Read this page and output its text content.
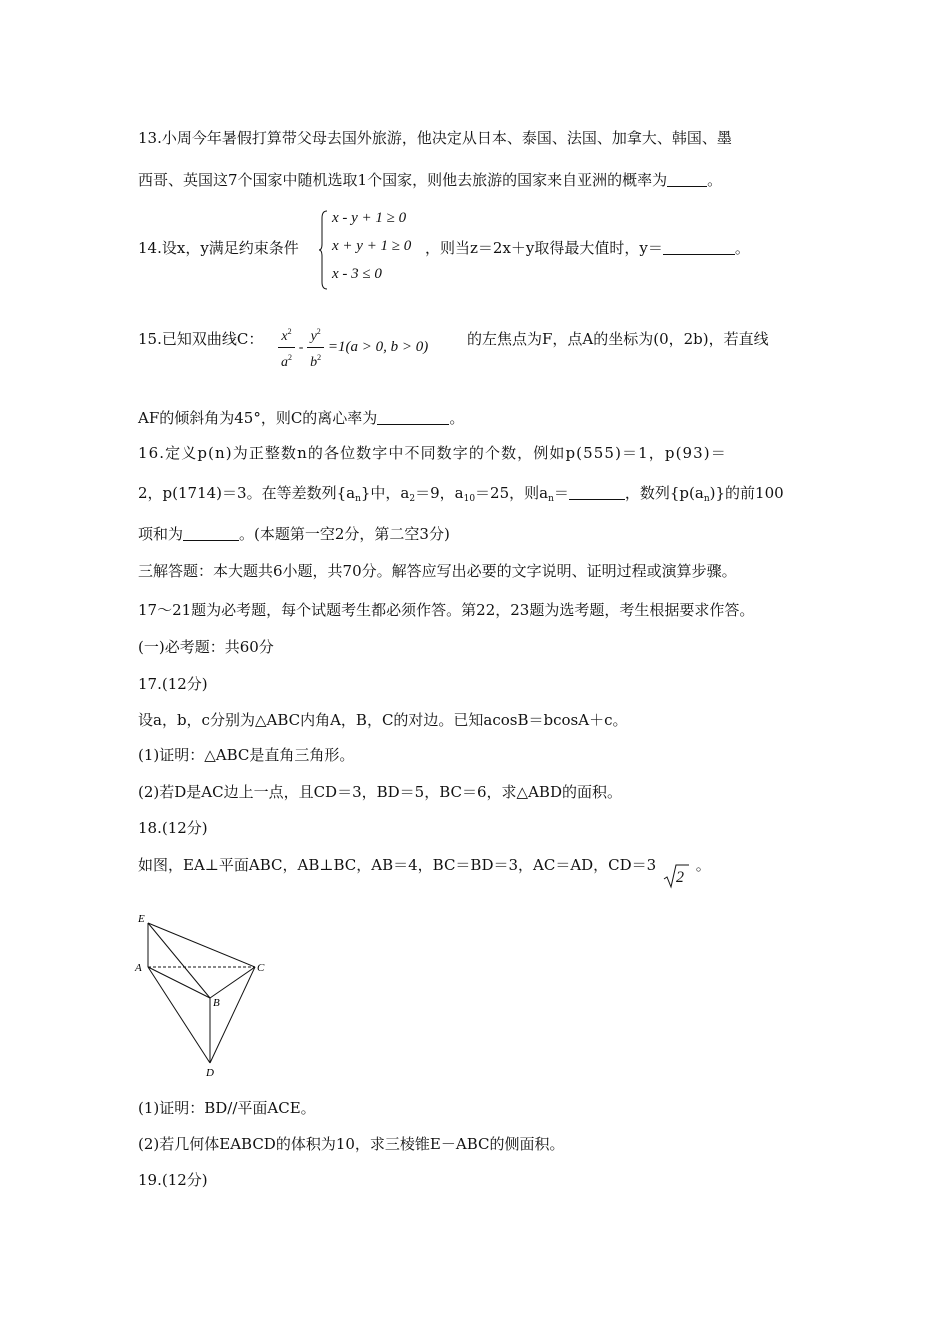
13.小周今年暑假打算带父母去国外旅游，他决定从日本、泰国、法国、加拿大、韩国、墨
西哥、英国这7个国家中随机选取1个国家，则他去旅游的国家来自亚洲的概率为	。
14.设x，y满足约束条件
x - y + 1 ≥ 0
x + y + 1 ≥ 0
x - 3 ≤ 0
，则当z＝2x＋y取得最大值时，y＝	。
15.已知双曲线C： $\frac{x^2}{a^2} - \frac{y^2}{b^2} =1(a > 0$, b > 0)	的左焦点为F，点A的坐标为(0，2b)，若直线
AF的倾斜角为45°，则C的离心率为	。
16.定义p(n)为正整数n的各位数字中不同数字的个数，例如p(555)＝1，p(93)＝
2，p(1714)＝3。在等差数列$\{a_n\}$中，$a_2=9$，$a_{10}=25$，则$a_n=$	，数列$\{p(a_n)\}$的前100
项和为	。(本题第一空2分，第二空3分)
三解答题：本大题共6小题，共70分。解答应写出必要的文字说明、证明过程或演算步骤。
17～21题为必考题，每个试题考生都必须作答。第22，23题为选考题，考生根据要求作答。
(一)必考题：共60分
17.(12分)
设a，b，c分别为△ABC内角A，B，C的对边。已知acosB＝bcosA＋c。
(1)证明：△ABC是直角三角形。
(2)若D是AC边上一点，且CD＝3，BD＝5，BC＝6，求△ABD的面积。
18.(12分)
如图，EA⊥平面ABC，AB⊥BC，AB＝4，BC＝BD＝3，AC＝AD，CD＝3
2
。
E
A	C
B
D
(1)证明：BD//平面ACE。
(2)若几何体EABCD的体积为10，求三棱锥E－ABC的侧面积。
19.(12分)
